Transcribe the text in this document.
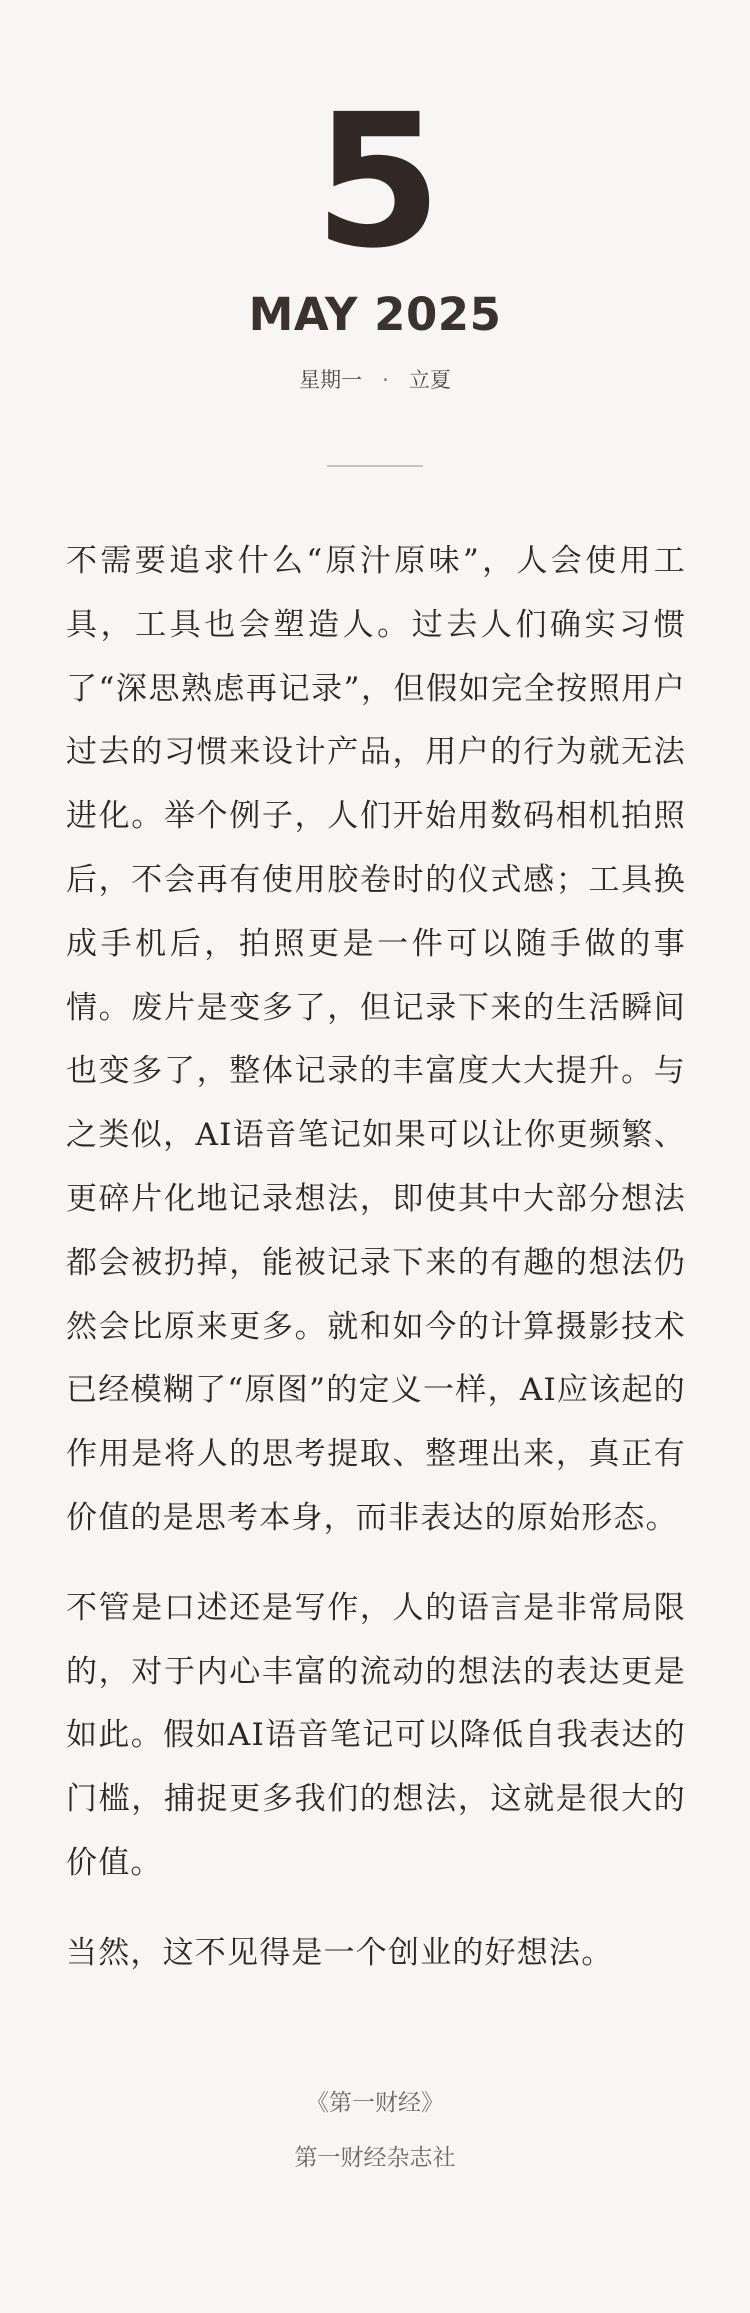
5
MAY 2025
星期一 · 立夏

不需要追求什么“原汁原味”，人会使用工具，工具也会塑造人。过去人们确实习惯了“深思熟虑再记录”，但假如完全按照用户过去的习惯来设计产品，用户的行为就无法进化。举个例子，人们开始用数码相机拍照后，不会再有使用胶卷时的仪式感；工具换成手机后，拍照更是一件可以随手做的事情。废片是变多了，但记录下来的生活瞬间也变多了，整体记录的丰富度大大提升。与之类似，AI语音笔记如果可以让你更频繁、更碎片化地记录想法，即使其中大部分想法都会被扔掉，能被记录下来的有趣的想法仍然会比原来更多。就和如今的计算摄影技术已经模糊了“原图”的定义一样，AI应该起的作用是将人的思考提取、整理出来，真正有价值的是思考本身，而非表达的原始形态。

不管是口述还是写作，人的语言是非常局限的，对于内心丰富的流动的想法的表达更是如此。假如AI语音笔记可以降低自我表达的门槛，捕捉更多我们的想法，这就是很大的价值。

当然，这不见得是一个创业的好想法。

《第一财经》
第一财经杂志社
